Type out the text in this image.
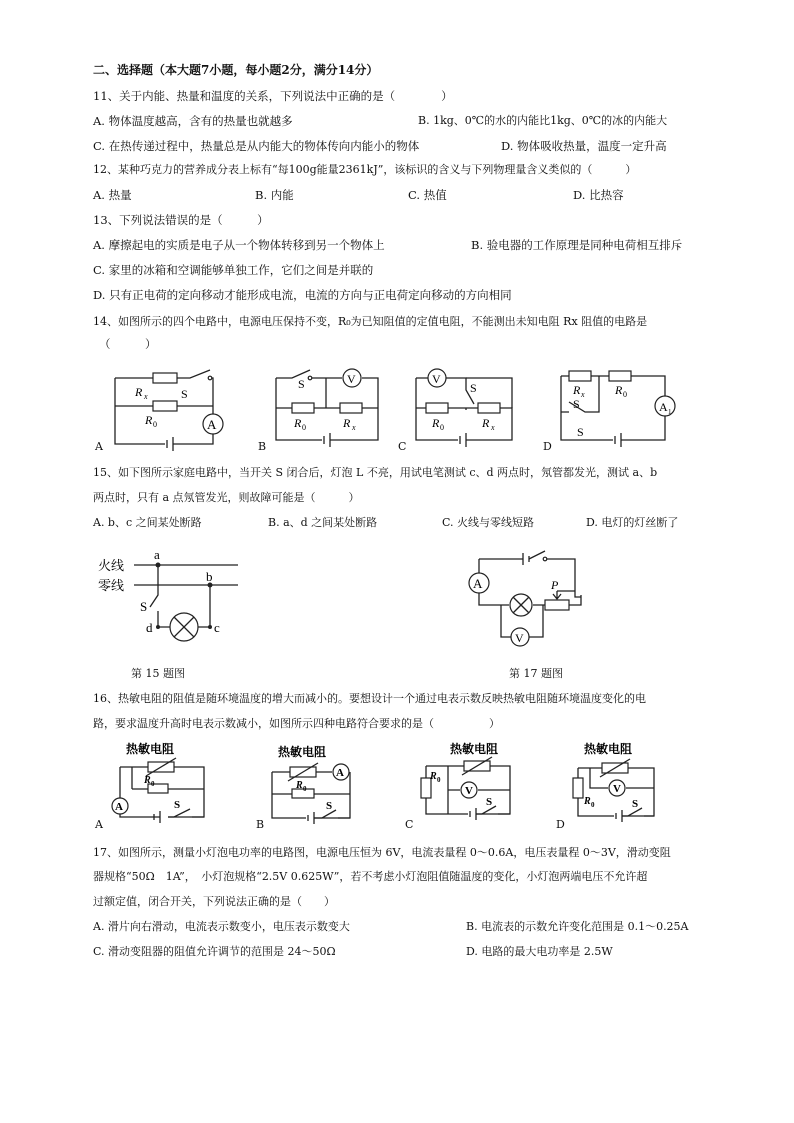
二、选择题（本大题7小题，每小题2分，满分14分）
11、关于内能、热量和温度的关系，下列说法中正确的是（　　　　）
A. 物体温度越高，含有的热量也就越多	B. 1kg、0℃的水的内能比1kg、0℃的冰的内能大
C. 在热传递过程中，热量总是从内能大的物体传向内能小的物体	D. 物体吸收热量，温度一定升高
12、某种巧克力的营养成分表上标有“每100g能量2361kJ”，该标识的含义与下列物理量含义类似的（　　　）
A. 热量	B. 内能	C. 热值	D. 比热容
13、下列说法错误的是（　　　）
A. 摩擦起电的实质是电子从一个物体转移到另一个物体上	B. 验电器的工作原理是同种电荷相互排斥
C. 家里的冰箱和空调能够单独工作，它们之间是并联的
D. 只有正电荷的定向移动才能形成电流，电流的方向与正电荷定向移动的方向相同
14、如图所示的四个电路中，电源电压保持不变，R₀为已知阻值的定值电阻，不能测出未知电阻 Rx 阻值的电路是
（　　　）
A
R x	S
R 0
A
V
S
R 0	R x
B
V
S
R 0	R x
C
A 1
R x	R 0
S
S
D
15、如下图所示家庭电路中，当开关 S 闭合后，灯泡 L 不亮，用试电笔测试 c、d 两点时，氖管都发光，测试 a、b
两点时，只有 a 点氖管发光，则故障可能是（　　　）
A. b、c 之间某处断路	B. a、d 之间某处断路	C. 火线与零线短路	D. 电灯的灯丝断了
火线
零线
a
b
S
d	c
第 15 题图
A	P
V
第 17 题图
16、热敏电阻的阻值是随环境温度的增大而减小的。要想设计一个通过电表示数反映热敏电阻随环境温度变化的电
路，要求温度升高时电表示数减小，如图所示四种电路符合要求的是（　　　　　）
热敏电阻
R 0
A	S
A
热敏电阻
A
R 0
S
B
热敏电阻
R 0
V
S
C
热敏电阻
R 0
V
S
D
17、如图所示，测量小灯泡电功率的电路图，电源电压恒为 6V，电流表量程 0～0.6A，电压表量程 0～3V，滑动变阻
器规格“50Ω　1A”，　小灯泡规格“2.5V 0.625W”，若不考虑小灯泡阻值随温度的变化，小灯泡两端电压不允许超
过额定值，闭合开关，下列说法正确的是（　　）
A. 滑片向右滑动，电流表示数变小，电压表示数变大	B. 电流表的示数允许变化范围是 0.1～0.25A
C. 滑动变阻器的阻值允许调节的范围是 24～50Ω	D. 电路的最大电功率是 2.5W
